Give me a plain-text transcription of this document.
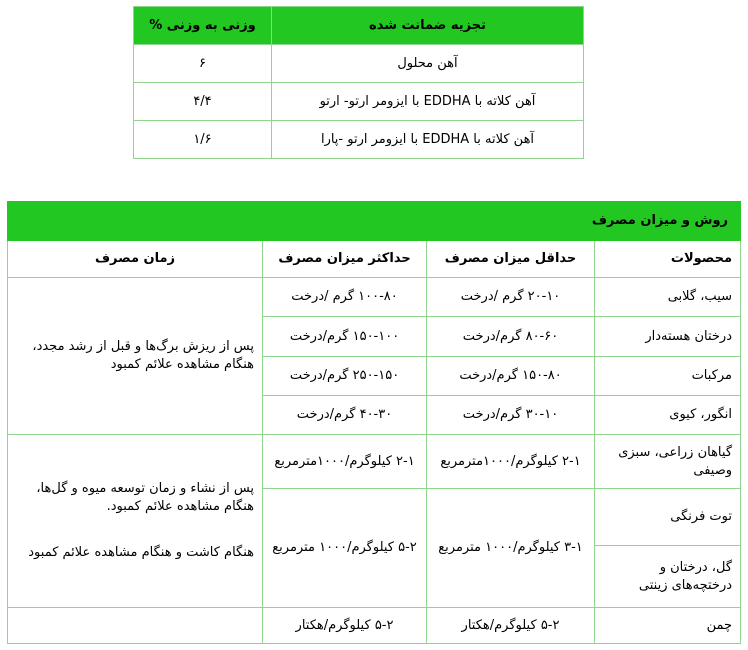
تجزیه ضمانت شده	وزنی به وزنی %
آهن محلول	۶
آهن کلاته با EDDHA با ایزومر ارتو- ارتو	۴/۴
آهن کلاته با EDDHA با ایزومر ارتو -پارا	۱/۶
روش و میزان مصرف			
محصولات	حداقل میزان مصرف	حداکثر میزان مصرف	زمان مصرف
سیب، گلابی	۲۰-۱۰ گرم /درخت	۱۰۰-۸۰ گرم /درخت	پس از ریزش برگ‌ها و قبل از رشد مجدد، هنگام مشاهده علائم کمبود

درختان هسته‌دار	۸۰-۶۰ گرم/درخت	۱۵۰-۱۰۰ گرم/درخت	
مرکبات	۱۵۰-۸۰ گرم/درخت	۲۵۰-۱۵۰ گرم/درخت	
انگور، کیوی	۳۰-۱۰ گرم/درخت	۴۰-۳۰ گرم/درخت	
گیاهان زراعی، سبزی وصیفی	۲-۱ کیلوگرم/۱۰۰۰مترمربع	۲-۱ کیلوگرم/۱۰۰۰مترمربع	پس از نشاء و زمان توسعه میوه و گل‌ها، هنگام مشاهده علائم کمبود.

هنگام کاشت و هنگام مشاهده علائم کمبود

توت فرنگی	۳-۱ کیلوگرم/۱۰۰۰ مترمربع	۵-۲ کیلوگرم/۱۰۰۰ مترمربع	
گل، درختان و درختچه‌های زینتی			
چمن	۵-۲ کیلوگرم/هکتار	۵-۲ کیلوگرم/هکتار	
